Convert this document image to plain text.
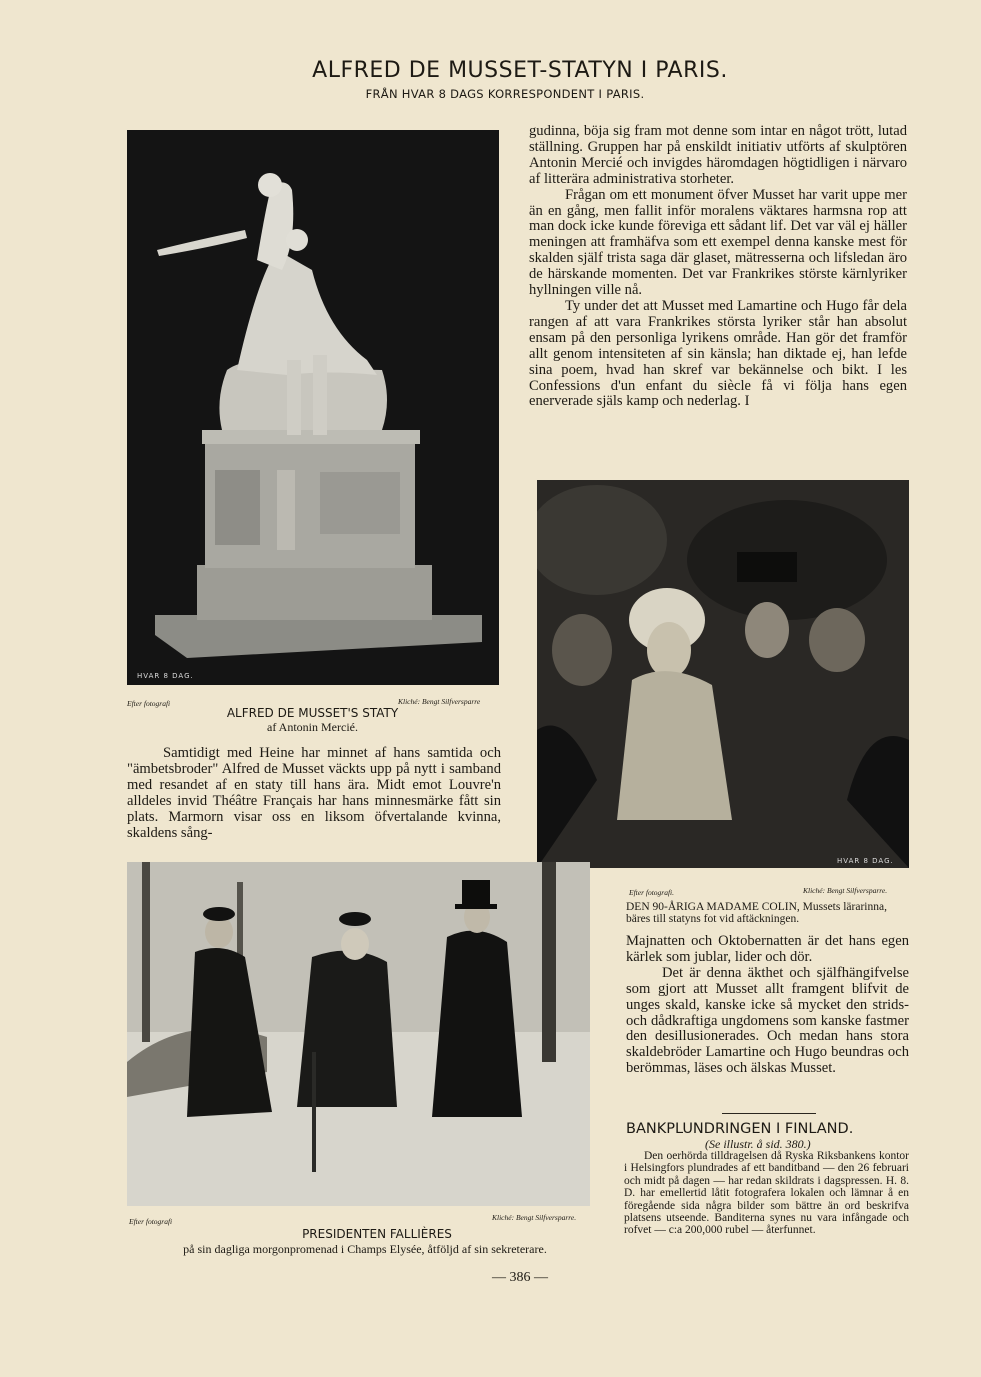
ALFRED DE MUSSET-STATYN I PARIS.
FRÅN HVAR 8 DAGS KORRESPONDENT I PARIS.
HVAR 8 DAG.
Efter fotografi	Kliché: Bengt Silfversparre
ALFRED DE MUSSET'S STATY
af Antonin Mercié.

gudinna, böja sig fram mot denne som intar en något trött, lutad ställning. Gruppen har på enskildt initiativ utförts af skulptören Antonin Mercié och invigdes häromdagen högtidligen i närvaro af litterära administrativa storheter.

Frågan om ett monument öfver Musset har varit uppe mer än en gång, men fallit inför moralens väktares harmsna rop att man dock icke kunde föreviga ett sådant lif. Det var väl ej häller meningen att framhäfva som ett exempel denna kanske mest för skalden själf trista saga där glaset, mätresserna och lifsledan äro de härskande momenten. Det var Frankrikes störste kärnlyriker hyllningen ville nå.

Ty under det att Musset med Lamartine och Hugo får dela rangen af att vara Frankrikes största lyriker står han absolut ensam på den personliga lyrikens område. Han gör det framför allt genom intensiteten af sin känsla; han diktade ej, han lefde sina poem, hvad han skref var bekännelse och bikt. I les Confessions d'un enfant du siècle få vi följa hans egen enerverade själs kamp och nederlag. I

Samtidigt med Heine har minnet af hans samtida och "ämbetsbroder" Alfred de Musset väckts upp på nytt i samband med resandet af en staty till hans ära. Midt emot Louvre'n alldeles invid Théâtre Français har hans minnesmärke fått sin plats. Marmorn visar oss en liksom öfvertalande kvinna, skaldens sång-

HVAR 8 DAG.
Efter fotografi.	Kliché: Bengt Silfversparre.
DEN 90-ÅRIGA MADAME COLIN, Mussets lärarinna, bäres till statyns fot vid aftäckningen.

Majnatten och Oktobernatten är det hans egen kärlek som jublar, lider och dör.

Det är denna äkthet och själfhängifvelse som gjort att Musset allt framgent blifvit de unges skald, kanske icke så mycket den strids- och dådkraftiga ungdomens som kanske fastmer den desillusionerades. Och medan hans stora skaldebröder Lamartine och Hugo beundras och berömmas, läses och älskas Musset.

BANKPLUNDRINGEN I FINLAND.
(Se illustr. å sid. 380.)
Den oerhörda tilldragelsen då Ryska Riksbankens kontor i Helsingfors plundrades af ett banditband — den 26 februari och midt på dagen — har redan skildrats i dagspressen. H. 8. D. har emellertid låtit fotografera lokalen och lämnar å en föregående sida några bilder som bättre än ord beskrifva platsens utseende. Banditerna synes nu vara infångade och rofvet — c:a 200,000 rubel — återfunnet.
Efter fotografi	Kliché: Bengt Silfversparre.
PRESIDENTEN FALLIÈRES
på sin dagliga morgonpromenad i Champs Elysée, åtföljd af sin sekreterare.
— 386 —
